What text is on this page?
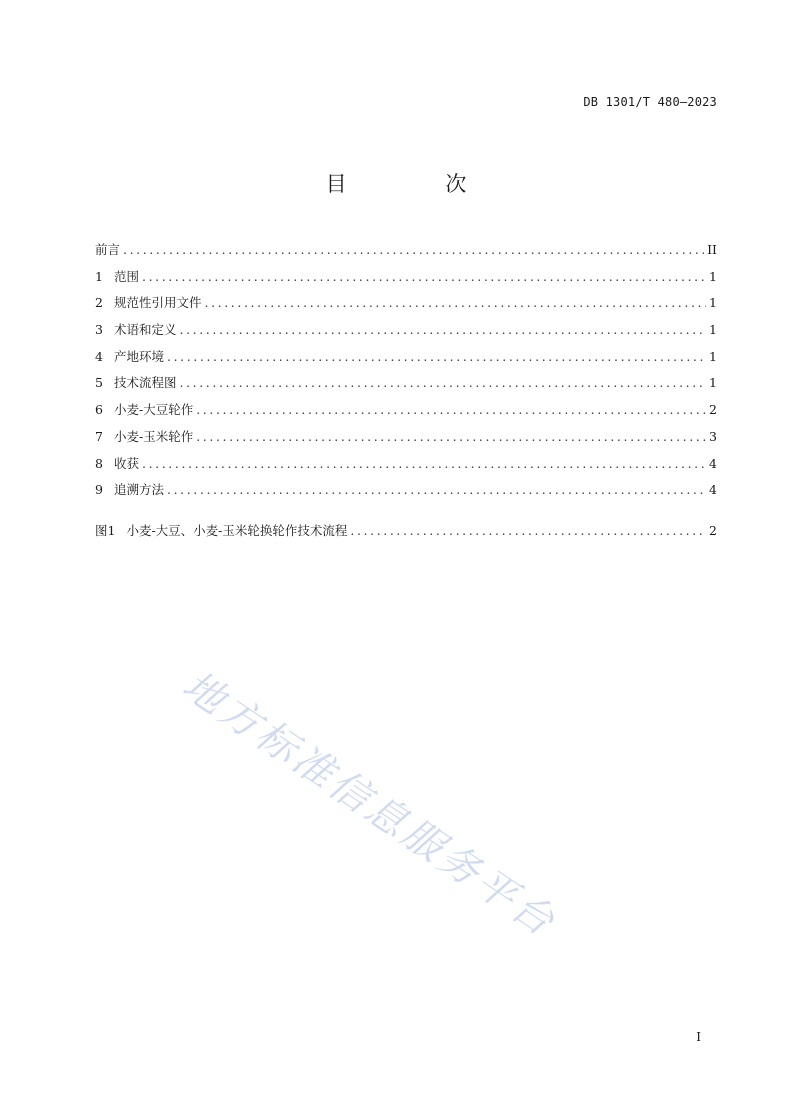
DB 1301/T 480—2023
目 次
前言 .....	II
1 范围 .....	1
2 规范性引用文件 .....	1
3 术语和定义 .....	1
4 产地环境 .....	1
5 技术流程图 .....	1
6 小麦-大豆轮作 .....	2
7 小麦-玉米轮作 .....	3
8 收获 .....	4
9 追溯方法 .....	4
图1 小麦-大豆、小麦-玉米轮换轮作技术流程 .....	2
地方标准信息服务平台
I
